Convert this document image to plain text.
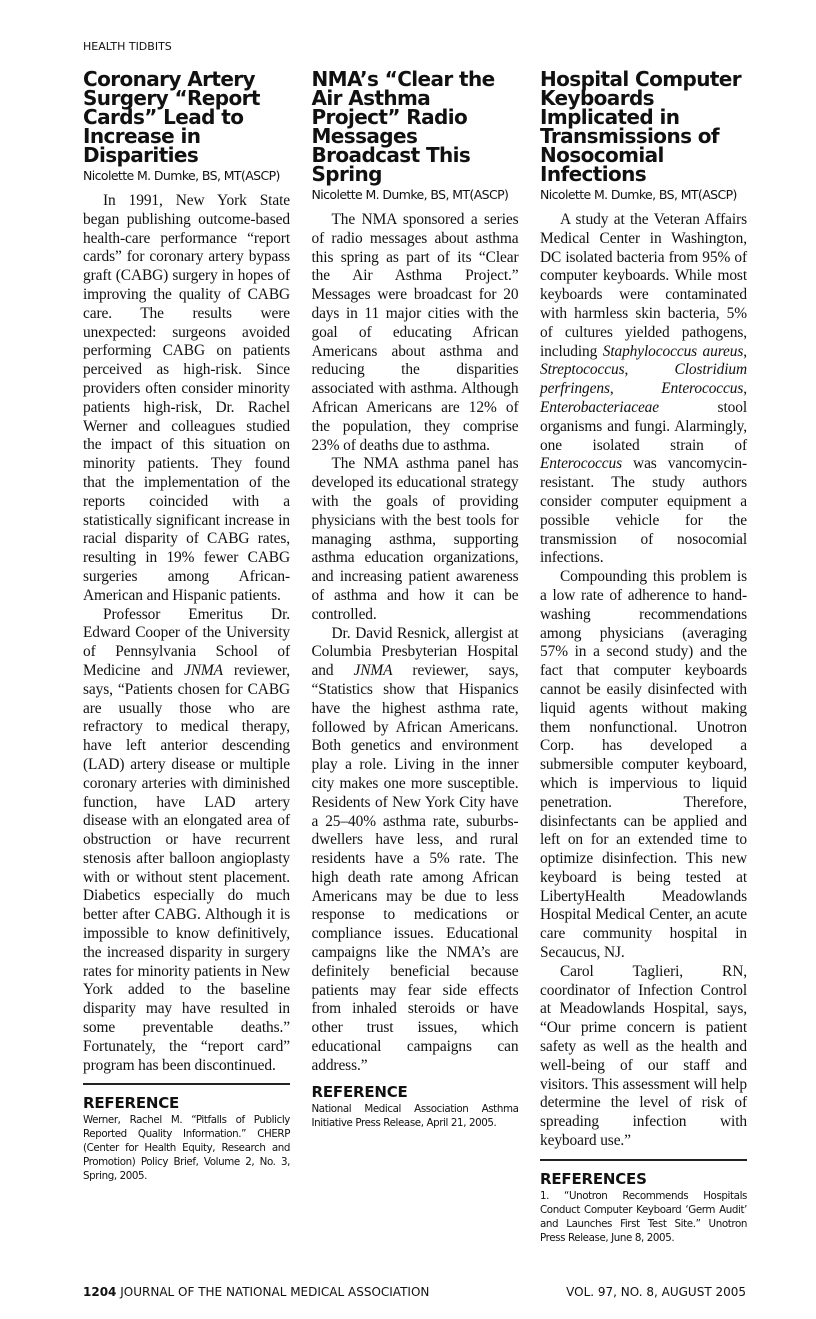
HEALTH TIDBITS
Coronary Artery Surgery “Report Cards” Lead to Increase in Disparities
Nicolette M. Dumke, BS, MT(ASCP)

In 1991, New York State began publishing outcome-based health-care performance “report cards” for coronary artery bypass graft (CABG) surgery in hopes of improving the quality of CABG care. The results were unexpected: surgeons avoided performing CABG on patients perceived as high-risk. Since providers often consider minority patients high-risk, Dr. Rachel Werner and colleagues studied the impact of this situation on minority patients. They found that the implementation of the reports coincided with a statistically significant increase in racial disparity of CABG rates, resulting in 19% fewer CABG surgeries among African-American and Hispanic patients.

Professor Emeritus Dr. Edward Cooper of the University of Pennsylvania School of Medicine and JNMA reviewer, says, “Patients chosen for CABG are usually those who are refractory to medical therapy, have left anterior descending (LAD) artery disease or multiple coronary arteries with diminished function, have LAD artery disease with an elongated area of obstruction or have recurrent stenosis after balloon angioplasty with or without stent placement. Diabetics especially do much better after CABG. Although it is impossible to know definitively, the increased disparity in surgery rates for minority patients in New York added to the baseline disparity may have resulted in some preventable deaths.” Fortunately, the “report card” program has been discontinued.

REFERENCE

Werner, Rachel M. “Pitfalls of Publicly Reported Quality Information.” CHERP (Center for Health Equity, Research and Promotion) Policy Brief, Volume 2, No. 3, Spring, 2005.

NMA’s “Clear the Air Asthma Project” Radio Messages Broadcast This Spring
Nicolette M. Dumke, BS, MT(ASCP)

The NMA sponsored a series of radio messages about asthma this spring as part of its “Clear the Air Asthma Project.” Messages were broadcast for 20 days in 11 major cities with the goal of educating African Americans about asthma and reducing the disparities associated with asthma. Although African Americans are 12% of the population, they comprise 23% of deaths due to asthma.

The NMA asthma panel has developed its educational strategy with the goals of providing physicians with the best tools for managing asthma, supporting asthma education organizations, and increasing patient awareness of asthma and how it can be controlled.

Dr. David Resnick, allergist at Columbia Presbyterian Hospital and JNMA reviewer, says, “Statistics show that Hispanics have the highest asthma rate, followed by African Americans. Both genetics and environment play a role. Living in the inner city makes one more susceptible. Residents of New York City have a 25–40% asthma rate, suburbs-dwellers have less, and rural residents have a 5% rate. The high death rate among African Americans may be due to less response to medications or compliance issues. Educational campaigns like the NMA’s are definitely beneficial because patients may fear side effects from inhaled steroids or have other trust issues, which educational campaigns can address.”

REFERENCE

National Medical Association Asthma Initiative Press Release, April 21, 2005.

Hospital Computer Keyboards Implicated in Transmissions of Nosocomial Infections
Nicolette M. Dumke, BS, MT(ASCP)

A study at the Veteran Affairs Medical Center in Washington, DC isolated bacteria from 95% of computer keyboards. While most keyboards were contaminated with harmless skin bacteria, 5% of cultures yielded pathogens, including Staphylococcus aureus, Streptococcus, Clostridium perfringens, Enterococcus, Enterobacteriaceae stool organisms and fungi. Alarmingly, one isolated strain of Enterococcus was vancomycin-resistant. The study authors consider computer equipment a possible vehicle for the transmission of nosocomial infections.

Compounding this problem is a low rate of adherence to hand-washing recommendations among physicians (averaging 57% in a second study) and the fact that computer keyboards cannot be easily disinfected with liquid agents without making them nonfunctional. Unotron Corp. has developed a submersible computer keyboard, which is impervious to liquid penetration. Therefore, disinfectants can be applied and left on for an extended time to optimize disinfection. This new keyboard is being tested at LibertyHealth Meadowlands Hospital Medical Center, an acute care community hospital in Secaucus, NJ.

Carol Taglieri, RN, coordinator of Infection Control at Meadowlands Hospital, says, “Our prime concern is patient safety as well as the health and well-being of our staff and visitors. This assessment will help determine the level of risk of spreading infection with keyboard use.”

REFERENCES

1. “Unotron Recommends Hospitals Conduct Computer Keyboard ‘Germ Audit’ and Launches First Test Site.” Unotron Press Release, June 8, 2005.

1204 JOURNAL OF THE NATIONAL MEDICAL ASSOCIATION	VOL. 97, NO. 8, AUGUST 2005
